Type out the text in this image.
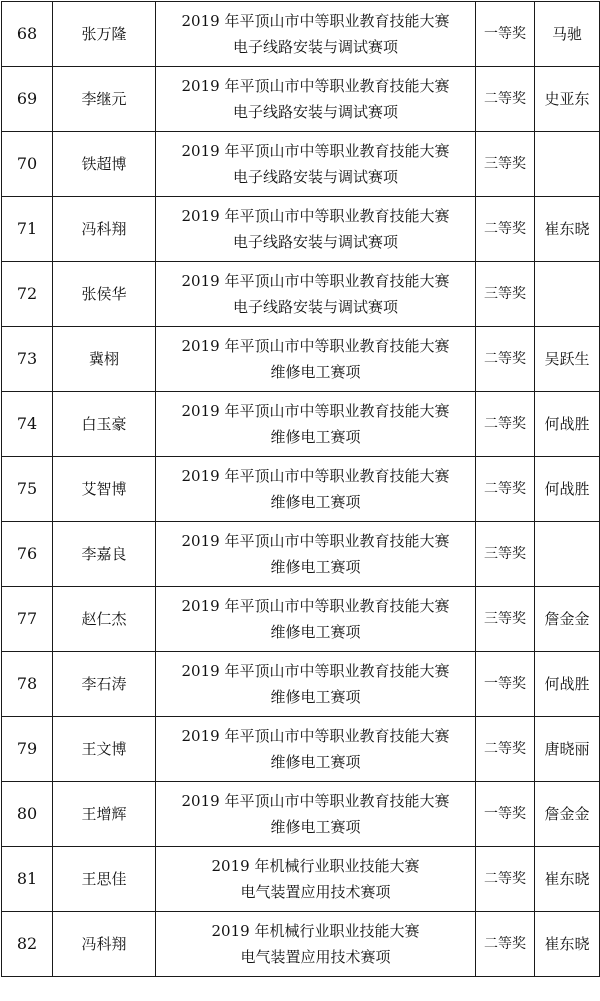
68	张万隆	2019 年平顶山市中等职业教育技能大赛
电子线路安装与调试赛项	一等奖	马驰
69	李继元	2019 年平顶山市中等职业教育技能大赛
电子线路安装与调试赛项	二等奖	史亚东
70	铁超博	2019 年平顶山市中等职业教育技能大赛
电子线路安装与调试赛项	三等奖	
71	冯科翔	2019 年平顶山市中等职业教育技能大赛
电子线路安装与调试赛项	二等奖	崔东晓
72	张侯华	2019 年平顶山市中等职业教育技能大赛
电子线路安装与调试赛项	三等奖	
73	冀栩	2019 年平顶山市中等职业教育技能大赛
维修电工赛项	二等奖	吴跃生
74	白玉豪	2019 年平顶山市中等职业教育技能大赛
维修电工赛项	二等奖	何战胜
75	艾智博	2019 年平顶山市中等职业教育技能大赛
维修电工赛项	二等奖	何战胜
76	李嘉良	2019 年平顶山市中等职业教育技能大赛
维修电工赛项	三等奖	
77	赵仁杰	2019 年平顶山市中等职业教育技能大赛
维修电工赛项	三等奖	詹金金
78	李石涛	2019 年平顶山市中等职业教育技能大赛
维修电工赛项	一等奖	何战胜
79	王文博	2019 年平顶山市中等职业教育技能大赛
维修电工赛项	二等奖	唐晓丽
80	王增辉	2019 年平顶山市中等职业教育技能大赛
维修电工赛项	一等奖	詹金金
81	王思佳	2019 年机械行业职业技能大赛
电气装置应用技术赛项	二等奖	崔东晓
82	冯科翔	2019 年机械行业职业技能大赛
电气装置应用技术赛项	二等奖	崔东晓
